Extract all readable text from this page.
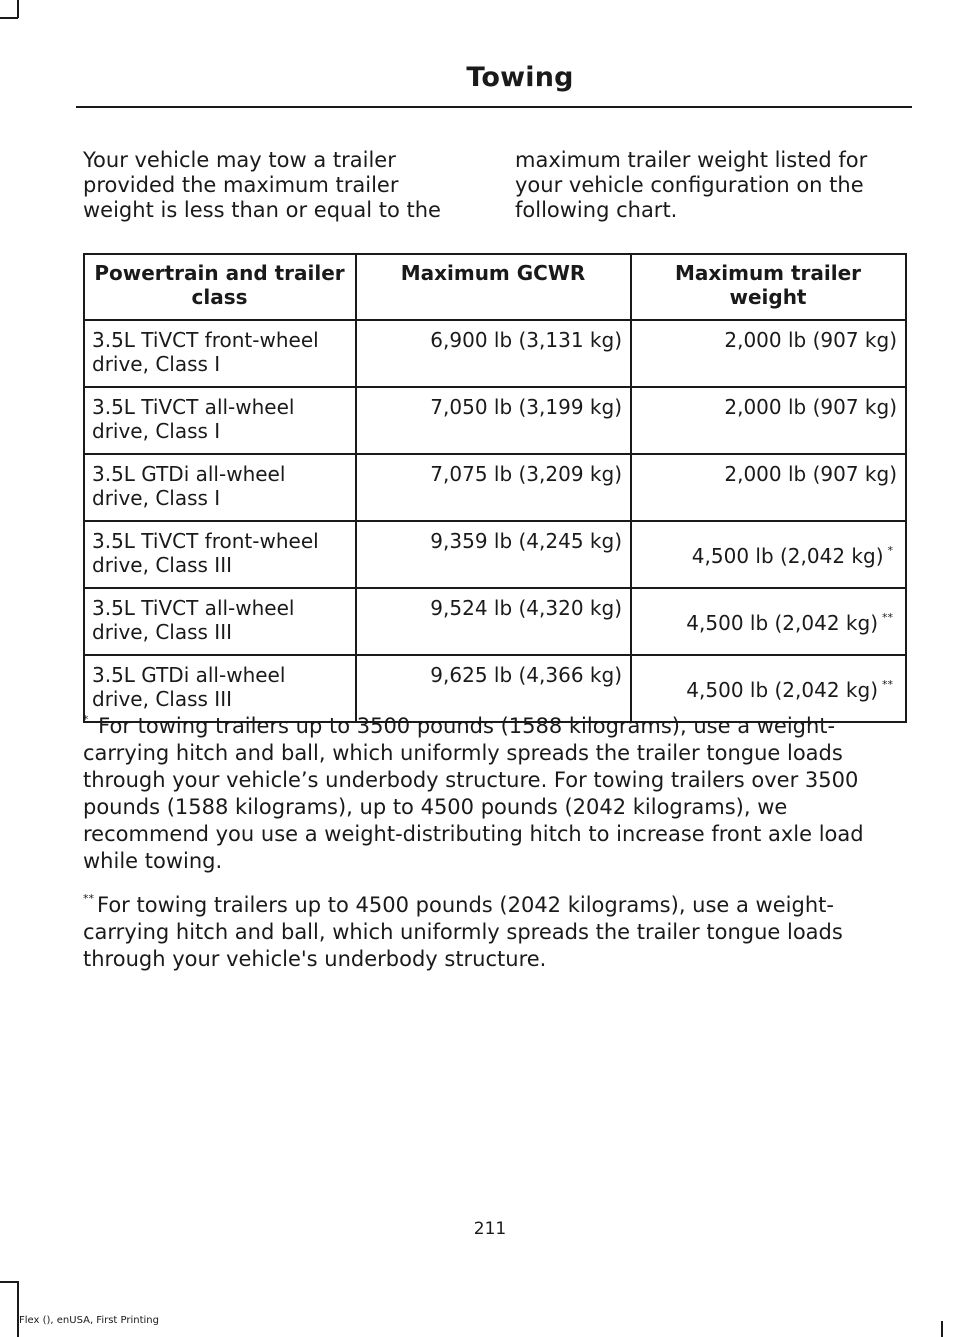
Towing
Your vehicle may tow a trailer provided the maximum trailer weight is less than or equal to the
maximum trailer weight listed for your vehicle configuration on the following chart.
Powertrain and trailer class	Maximum GCWR	Maximum trailer weight
3.5L TiVCT front-wheel drive, Class I	6,900 lb (3,131 kg)	2,000 lb (907 kg)
3.5L TiVCT all-wheel drive, Class I	7,050 lb (3,199 kg)	2,000 lb (907 kg)
3.5L GTDi all-wheel drive, Class I	7,075 lb (3,209 kg)	2,000 lb (907 kg)
3.5L TiVCT front-wheel drive, Class III	9,359 lb (4,245 kg)	4,500 lb (2,042 kg) *
3.5L TiVCT all-wheel drive, Class III	9,524 lb (4,320 kg)	4,500 lb (2,042 kg) **
3.5L GTDi all-wheel drive, Class III	9,625 lb (4,366 kg)	4,500 lb (2,042 kg) **

* For towing trailers up to 3500 pounds (1588 kilograms), use a weight-carrying hitch and ball, which uniformly spreads the trailer tongue loads through your vehicle’s underbody structure. For towing trailers over 3500 pounds (1588 kilograms), up to 4500 pounds (2042 kilograms), we recommend you use a weight-distributing hitch to increase front axle load while towing.

** For towing trailers up to 4500 pounds (2042 kilograms), use a weight-carrying hitch and ball, which uniformly spreads the trailer tongue loads through your vehicle's underbody structure.

211
Flex (), enUSA, First Printing
